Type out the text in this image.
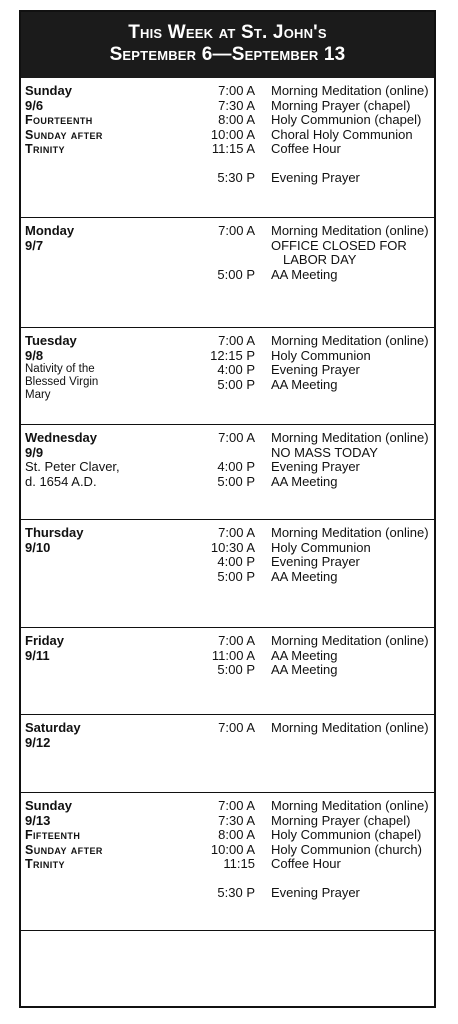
This Week at St. John's
September 6—September 13
Sunday
9/6
Fourteenth
Sunday after
Trinity
7:00 A Morning Meditation (online)
7:30 A Morning Prayer (chapel)
8:00 A Holy Communion (chapel)
10:00 A Choral Holy Communion
11:15 A Coffee Hour
5:30 P Evening Prayer
Monday
9/7
7:00 A Morning Meditation (online)
OFFICE CLOSED FOR
LABOR DAY
5:00 P AA Meeting
Tuesday
9/8
Nativity of the
Blessed Virgin
Mary
7:00 A Morning Meditation (online)
12:15 P Holy Communion
4:00 P Evening Prayer
5:00 P AA Meeting
Wednesday
9/9
St. Peter Claver,
d. 1654 A.D.
7:00 A Morning Meditation (online)
NO MASS TODAY
4:00 P Evening Prayer
5:00 P AA Meeting
Thursday
9/10
7:00 A Morning Meditation (online)
10:30 A Holy Communion
4:00 P Evening Prayer
5:00 P AA Meeting
Friday
9/11
7:00 A Morning Meditation (online)
11:00 A AA Meeting
5:00 P AA Meeting
Saturday
9/12
7:00 A Morning Meditation (online)
Sunday
9/13
Fifteenth
Sunday after
Trinity
7:00 A Morning Meditation (online)
7:30 A Morning Prayer (chapel)
8:00 A Holy Communion (chapel)
10:00 A Holy Communion (church)
11:15 Coffee Hour
5:30 P Evening Prayer
